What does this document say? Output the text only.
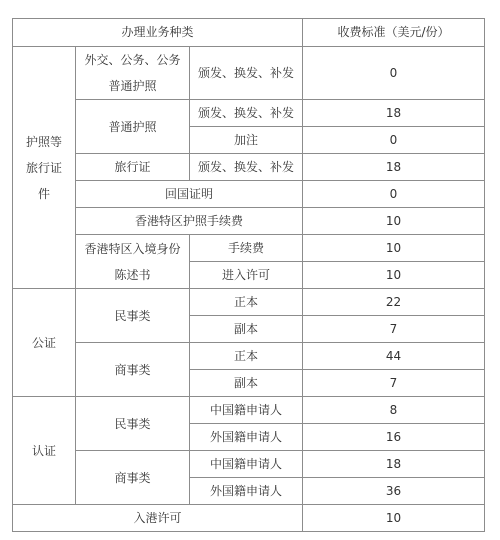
办理业务种类			收费标准（美元/份）
护照等旅行证件	外交、公务、公务普通护照	颁发、换发、补发	0

	普通护照	颁发、换发、补发	18
		加注	0
	旅行证	颁发、换发、补发	18
	回国证明		0
	香港特区护照手续费		10
	香港特区入境身份陈述书	手续费	10
		进入许可	10
公证	民事类	正本	22
		副本	7
	商事类	正本	44
		副本	7
认证	民事类	中国籍申请人	8
		外国籍申请人	16
	商事类	中国籍申请人	18
		外国籍申请人	36
入港许可			10
